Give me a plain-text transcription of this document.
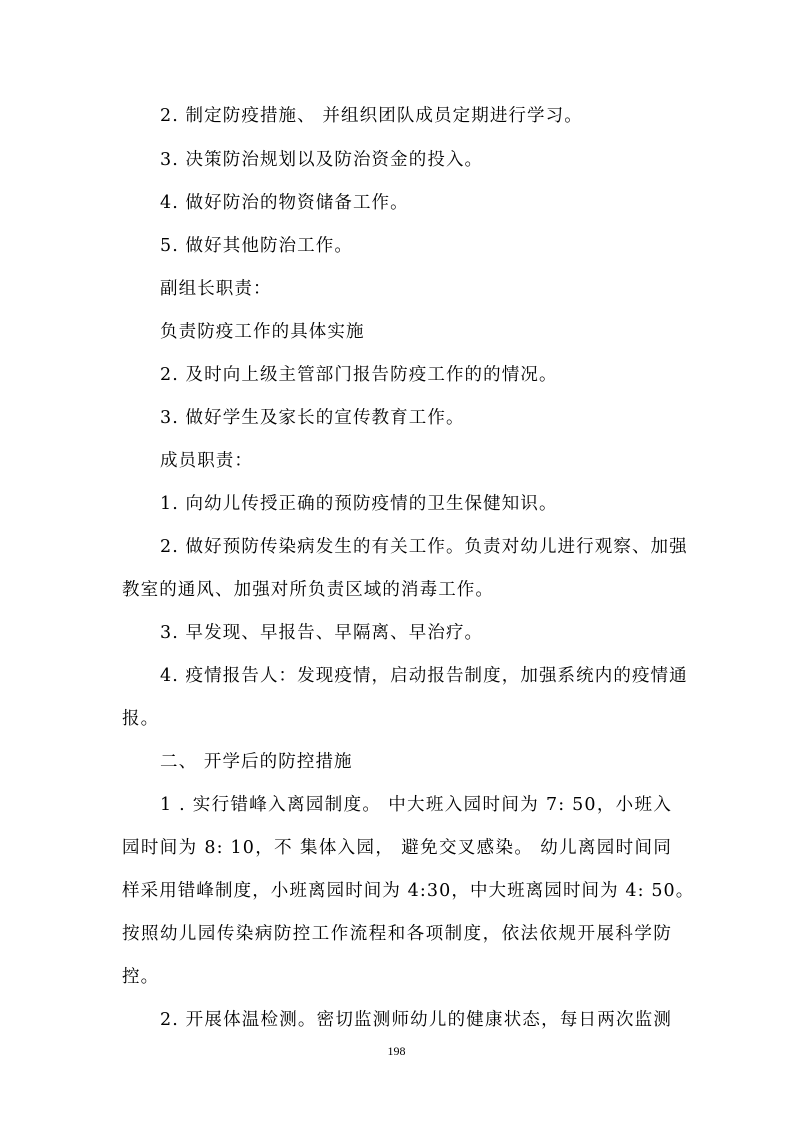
2. 制定防疫措施、 并组织团队成员定期进行学习。
3. 决策防治规划以及防治资金的投入。
4. 做好防治的物资储备工作。
5. 做好其他防治工作。
副组长职责：
负责防疫工作的具体实施
2. 及时向上级主管部门报告防疫工作的的情况。
3. 做好学生及家长的宣传教育工作。
成员职责：
1. 向幼儿传授正确的预防疫情的卫生保健知识。
2. 做好预防传染病发生的有关工作。负责对幼儿进行观察、加强
教室的通风、加强对所负责区域的消毒工作。
3. 早发现、早报告、早隔离、早治疗。
4. 疫情报告人：发现疫情，启动报告制度，加强系统内的疫情通
报。
二、 开学后的防控措施
1 . 实行错峰入离园制度。 中大班入园时间为 7: 50，小班入
园时间为 8: 10，不 集体入园， 避免交叉感染。 幼儿离园时间同
样采用错峰制度，小班离园时间为 4:30，中大班离园时间为 4: 50。
按照幼儿园传染病防控工作流程和各项制度，依法依规开展科学防
控。
2. 开展体温检测。密切监测师幼儿的健康状态，每日两次监测
198
